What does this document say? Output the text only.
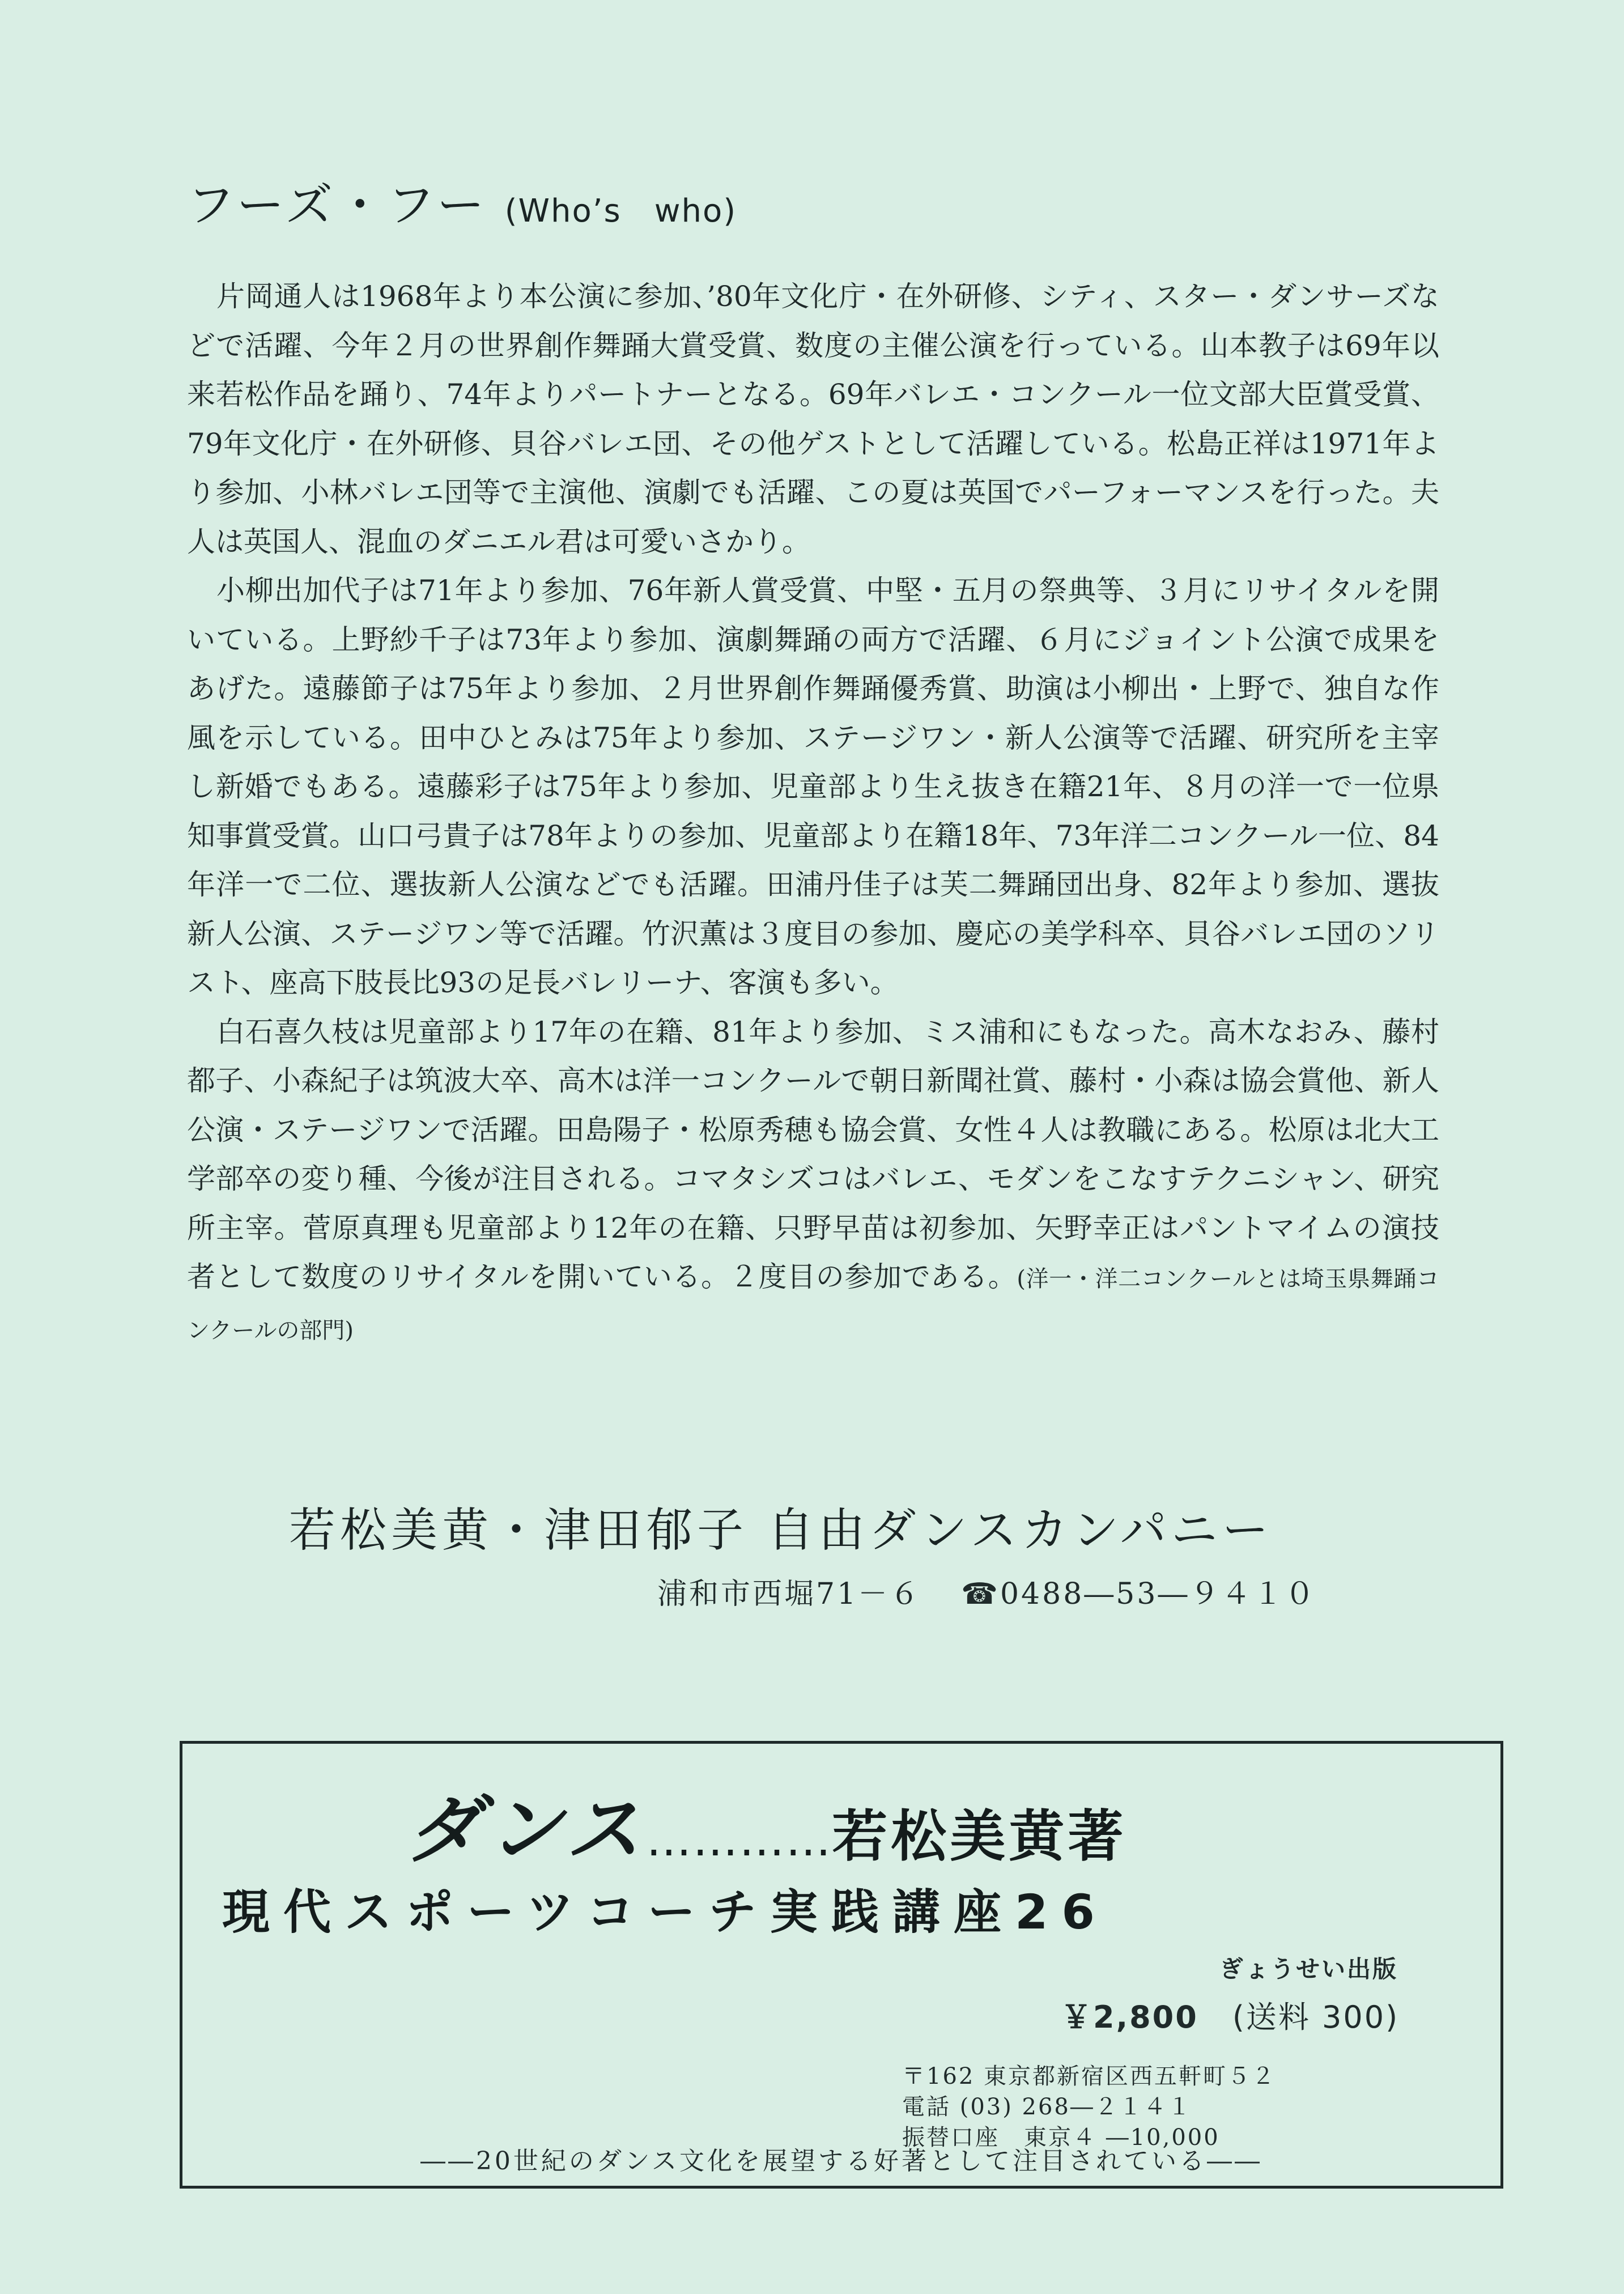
フーズ・フー (Who’s　who)

片岡通人は1968年より本公演に参加、’80年文化庁・在外研修、シティ、スター・ダンサーズなどで活躍、今年２月の世界創作舞踊大賞受賞、数度の主催公演を行っている。山本教子は69年以来若松作品を踊り、74年よりパートナーとなる。69年バレエ・コンクール一位文部大臣賞受賞、79年文化庁・在外研修、貝谷バレエ団、その他ゲストとして活躍している。松島正祥は1971年より参加、小林バレエ団等で主演他、演劇でも活躍、この夏は英国でパーフォーマンスを行った。夫人は英国人、混血のダニエル君は可愛いさかり。

小柳出加代子は71年より参加、76年新人賞受賞、中堅・五月の祭典等、３月にリサイタルを開いている。上野紗千子は73年より参加、演劇舞踊の両方で活躍、６月にジョイント公演で成果をあげた。遠藤節子は75年より参加、２月世界創作舞踊優秀賞、助演は小柳出・上野で、独自な作風を示している。田中ひとみは75年より参加、ステージワン・新人公演等で活躍、研究所を主宰し新婚でもある。遠藤彩子は75年より参加、児童部より生え抜き在籍21年、８月の洋一で一位県知事賞受賞。山口弓貴子は78年よりの参加、児童部より在籍18年、73年洋二コンクール一位、84年洋一で二位、選抜新人公演などでも活躍。田浦丹佳子は芙二舞踊団出身、82年より参加、選抜新人公演、ステージワン等で活躍。竹沢薫は３度目の参加、慶応の美学科卒、貝谷バレエ団のソリスト、座高下肢長比93の足長バレリーナ、客演も多い。

白石喜久枝は児童部より17年の在籍、81年より参加、ミス浦和にもなった。高木なおみ、藤村都子、小森紀子は筑波大卒、高木は洋一コンクールで朝日新聞社賞、藤村・小森は協会賞他、新人公演・ステージワンで活躍。田島陽子・松原秀穂も協会賞、女性４人は教職にある。松原は北大工学部卒の変り種、今後が注目される。コマタシズコはバレエ、モダンをこなすテクニシャン、研究所主宰。菅原真理も児童部より12年の在籍、只野早苗は初参加、矢野幸正はパントマイムの演技者として数度のリサイタルを開いている。２度目の参加である。(洋一・洋二コンクールとは埼玉県舞踊コンクールの部門)

若松美黄・津田郁子 自由ダンスカンパニー
浦和市西堀71－６ ☎0488―53―９４１０
ダンス…………若松美黄著
現代スポーツコーチ実践講座26
ぎょうせい出版
￥2,800 (送料 300)
〒162 東京都新宿区西五軒町５２
電話 (03) 268―２１４１
振替口座　東京４ ―10,000
――20世紀のダンス文化を展望する好著として注目されている――
